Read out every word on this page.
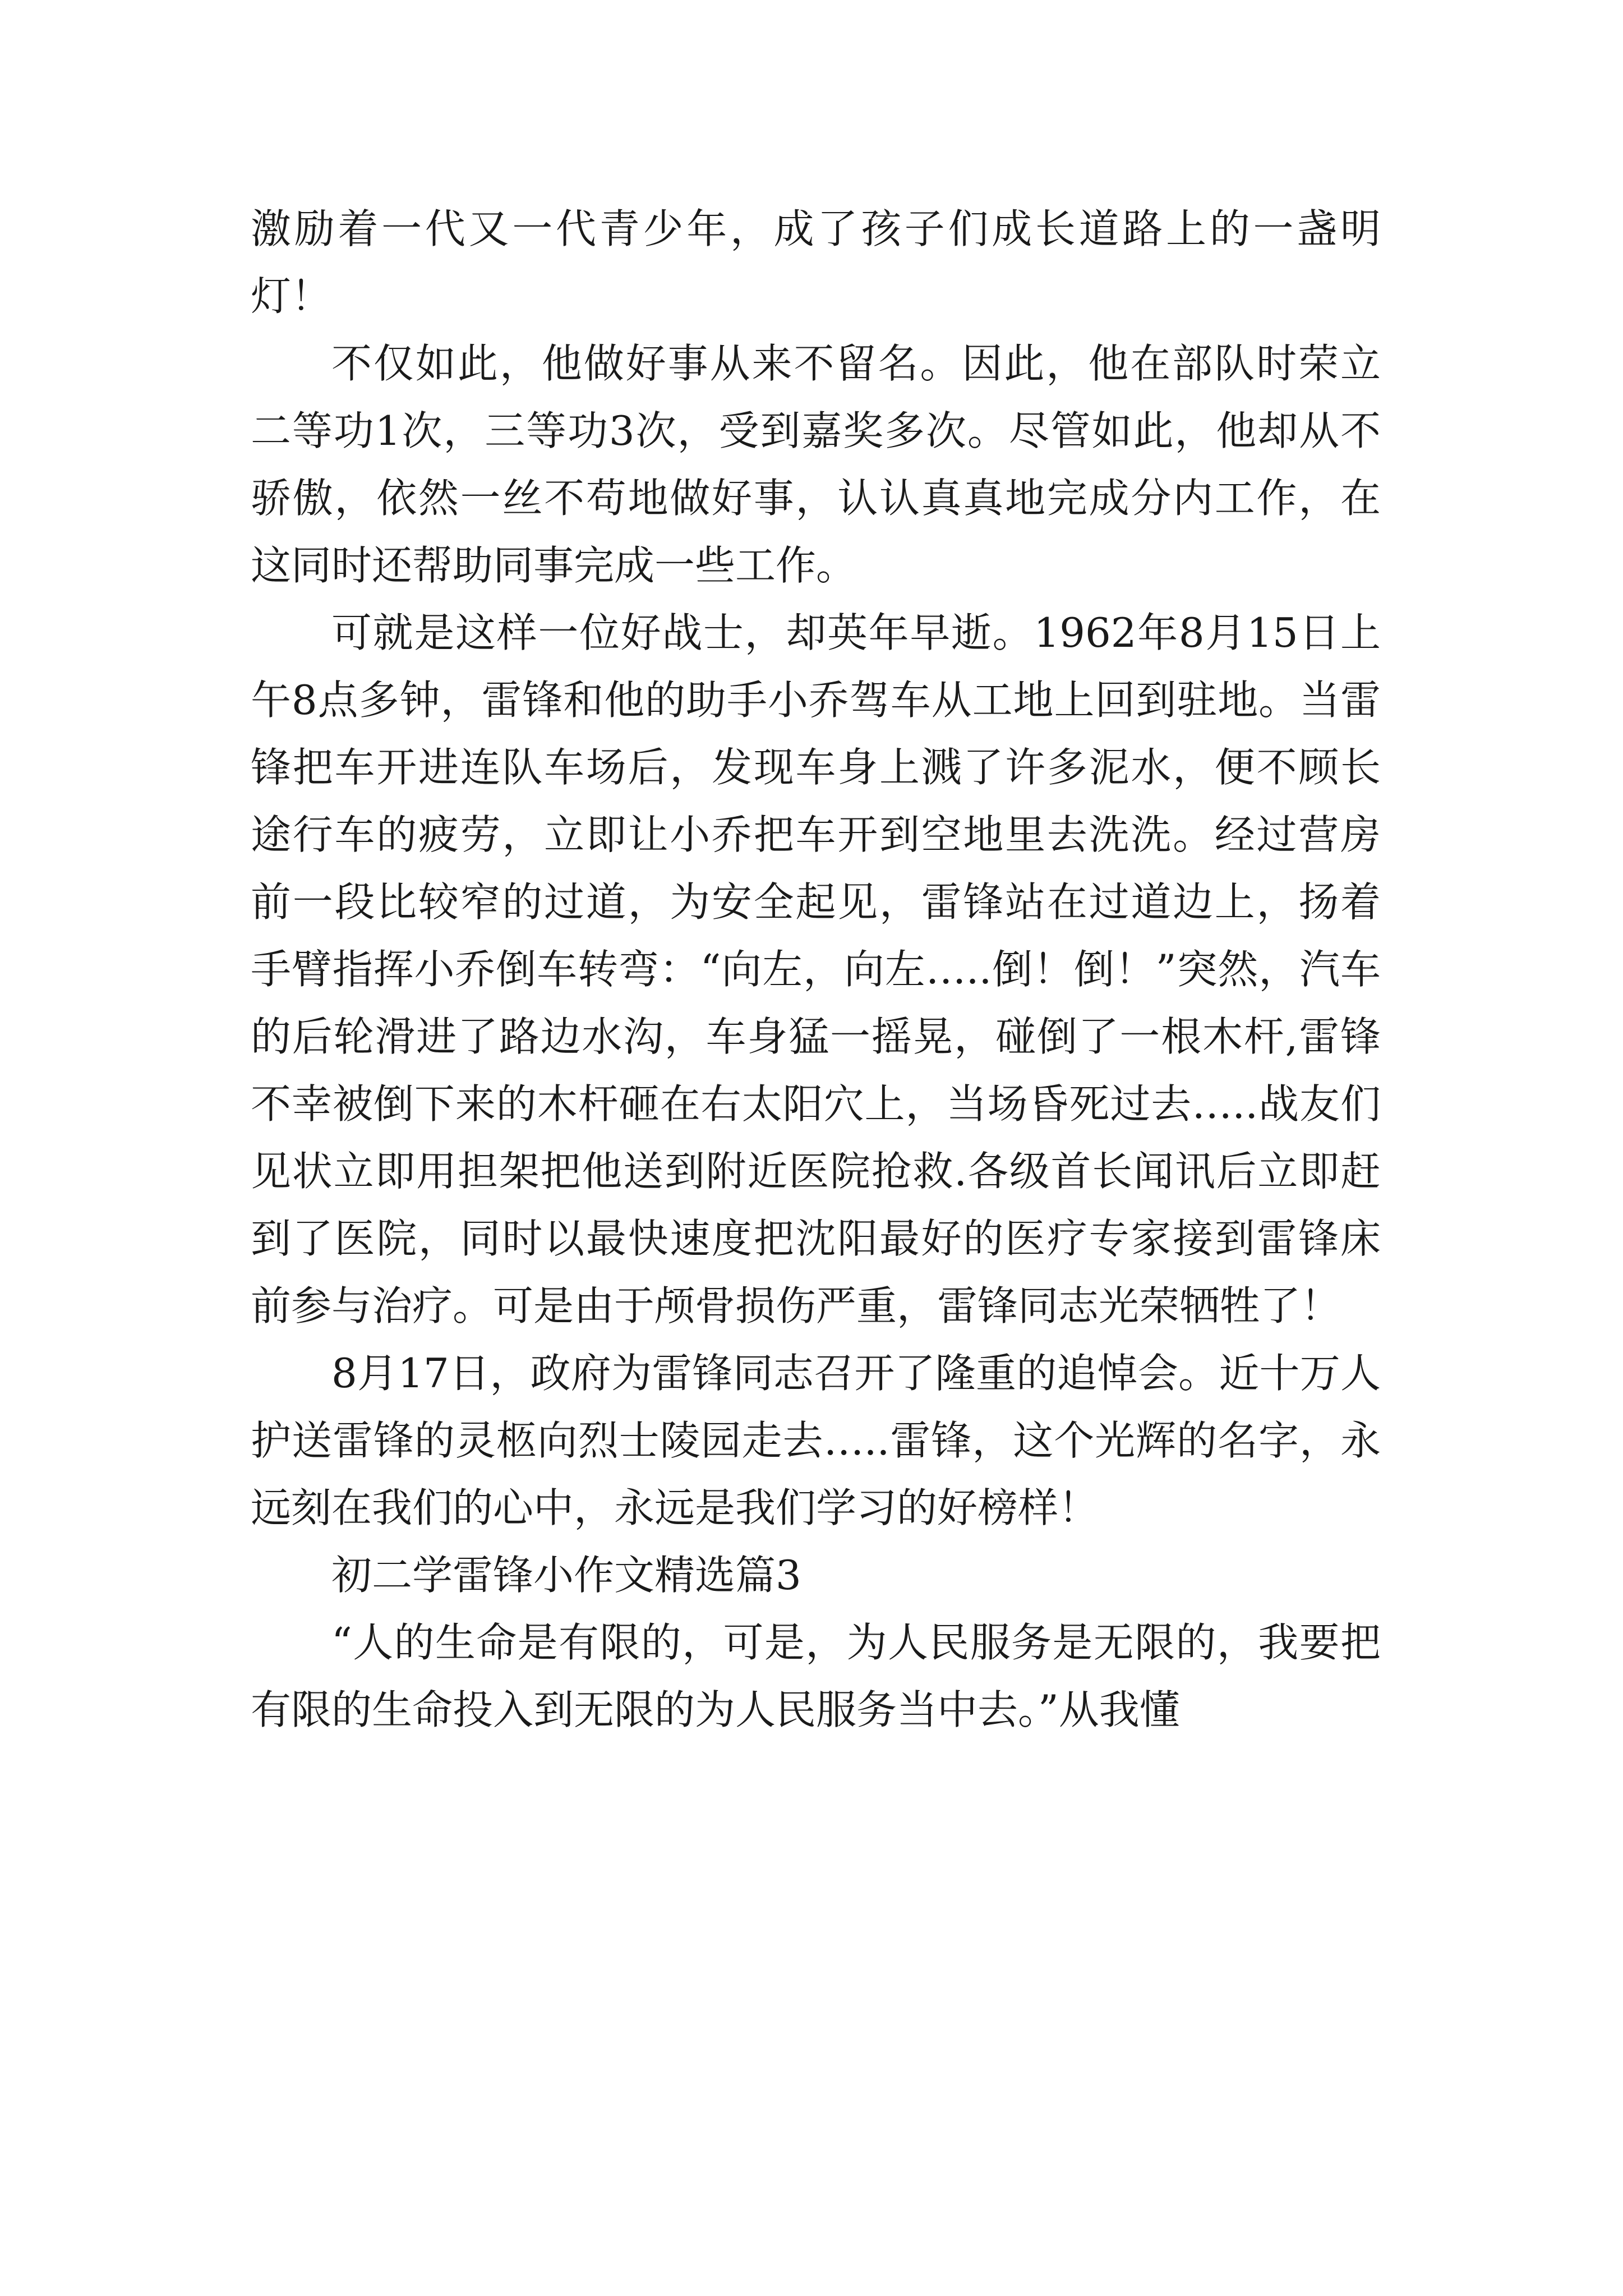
激励着一代又一代青少年，成了孩子们成长道路上的一盏明灯！

不仅如此，他做好事从来不留名。因此，他在部队时荣立二等功1次，三等功3次，受到嘉奖多次。尽管如此，他却从不骄傲，依然一丝不苟地做好事，认认真真地完成分内工作，在这同时还帮助同事完成一些工作。

可就是这样一位好战士，却英年早逝。1962年8月15日上午8点多钟，雷锋和他的助手小乔驾车从工地上回到驻地。当雷锋把车开进连队车场后，发现车身上溅了许多泥水，便不顾长途行车的疲劳，立即让小乔把车开到空地里去洗洗。经过营房前一段比较窄的过道，为安全起见，雷锋站在过道边上，扬着手臂指挥小乔倒车转弯：“向左，向左…..倒！倒！”突然，汽车的后轮滑进了路边水沟，车身猛一摇晃，碰倒了一根木杆,雷锋不幸被倒下来的木杆砸在右太阳穴上，当场昏死过去…..战友们见状立即用担架把他送到附近医院抢救.各级首长闻讯后立即赶到了医院，同时以最快速度把沈阳最好的医疗专家接到雷锋床前参与治疗。可是由于颅骨损伤严重，雷锋同志光荣牺牲了！

8月17日，政府为雷锋同志召开了隆重的追悼会。近十万人护送雷锋的灵柩向烈士陵园走去…..雷锋，这个光辉的名字，永远刻在我们的心中，永远是我们学习的好榜样！

初二学雷锋小作文精选篇3

“人的生命是有限的，可是，为人民服务是无限的，我要把有限的生命投入到无限的为人民服务当中去。”从我懂
